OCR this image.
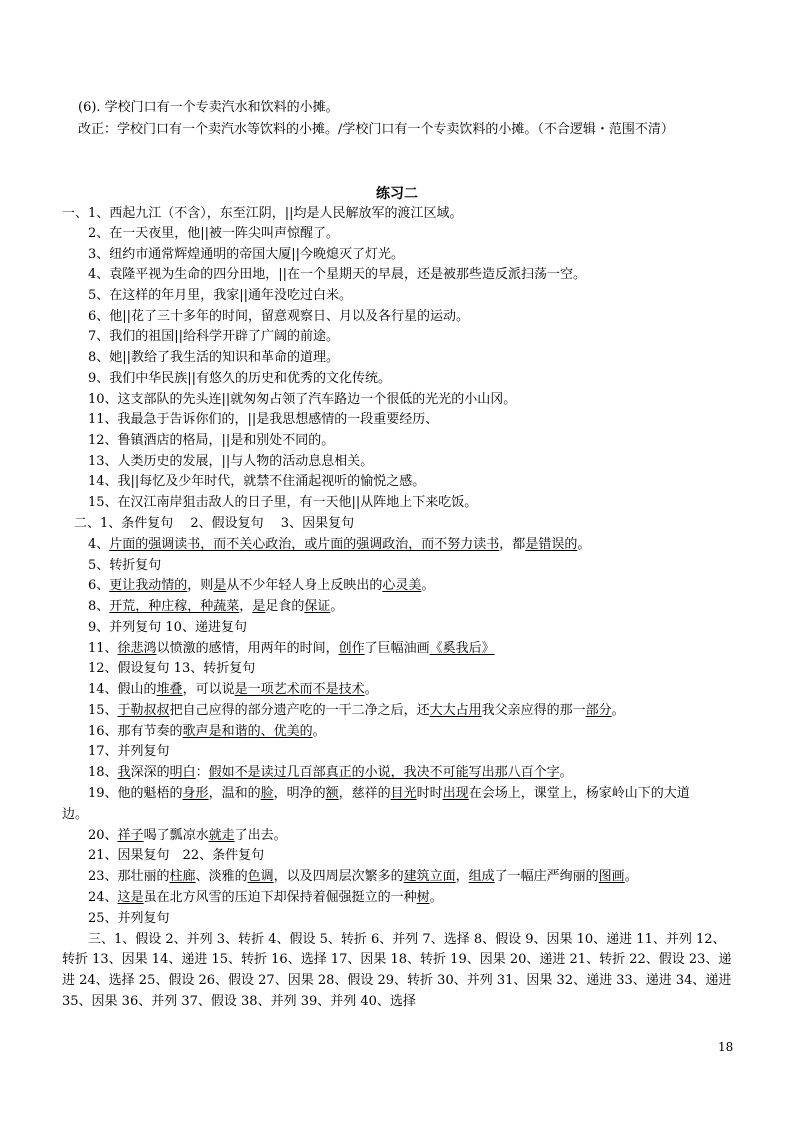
(6). 学校门口有一个专卖汽水和饮料的小摊。
改正：学校门口有一个卖汽水等饮料的小摊。/学校门口有一个专卖饮料的小摊。（不合逻辑・范围不清）
练习二
一、1、西起九江（不含），东至江阴，||均是人民解放军的渡江区域。
2、在一天夜里，他||被一阵尖叫声惊醒了。
3、纽约市通常辉煌通明的帝国大厦||今晚熄灭了灯光。
4、袁隆平视为生命的四分田地，||在一个星期天的早晨，还是被那些造反派扫荡一空。
5、在这样的年月里，我家||通年没吃过白米。
6、他||花了三十多年的时间，留意观察日、月以及各行星的运动。
7、我们的祖国||给科学开辟了广阔的前途。
8、她||教给了我生活的知识和革命的道理。
9、我们中华民族||有悠久的历史和优秀的文化传统。
10、这支部队的先头连||就匆匆占领了汽车路边一个很低的光光的小山冈。
11、我最急于告诉你们的，||是我思想感情的一段重要经历、
12、鲁镇酒店的格局，||是和别处不同的。
13、人类历史的发展，||与人物的活动息息相关。
14、我||每忆及少年时代，就禁不住涌起视听的愉悦之感。
15、在汉江南岸狙击敌人的日子里，有一天他||从阵地上下来吃饭。
二、1、条件复句　 2、假设复句　 3、因果复句
4、片面的强调读书，而不关心政治，或片面的强调政治，而不努力读书，都是错误的。
5、转折复句
6、更让我动情的，则是从不少年轻人身上反映出的心灵美。
8、开荒，种庄稼，种蔬菜，是足食的保证。
9、并列复句 10、递进复句
11、徐悲鸿以愤激的感情，用两年的时间，创作了巨幅油画《奚我后》
12、假设复句 13、转折复句
14、假山的堆叠，可以说是一项艺术而不是技术。
15、于勒叔叔把自己应得的部分遗产吃的一干二净之后，还大大占用我父亲应得的那一部分。
16、那有节奏的歌声是和谐的、优美的。
17、并列复句
18、我深深的明白：假如不是读过几百部真正的小说，我决不可能写出那八百个字。
19、他的魁梧的身形，温和的脸，明净的额，慈祥的目光时时出现在会场上，课堂上，杨家岭山下的大道
边。
20、祥子喝了瓢凉水就走了出去。
21、因果复句　22、条件复句
23、那壮丽的柱廊、淡雅的色调，以及四周层次繁多的建筑立面，组成了一幅庄严绚丽的图画。
24、这是虽在北方风雪的压迫下却保持着倔强挺立的一种树。
25、并列复句
三、1、假设 2、并列 3、转折 4、假设 5、转折 6、并列 7、选择 8、假设 9、因果 10、递进 11、并列 12、
转折 13、因果 14、递进 15、转折 16、选择 17、因果 18、转折 19、因果 20、递进 21、转折 22、假设 23、递
进 24、选择 25、假设 26、假设 27、因果 28、假设 29、转折 30、并列 31、因果 32、递进 33、递进 34、递进
35、因果 36、并列 37、假设 38、并列 39、并列 40、选择
18
